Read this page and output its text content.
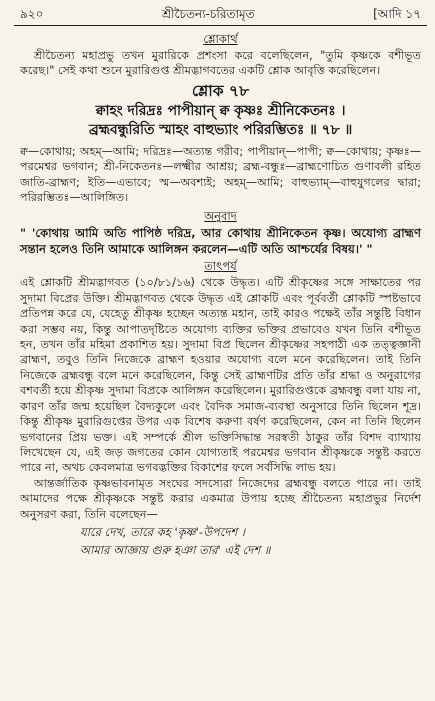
৯২০	শ্রীচৈতন্য-চরিতামৃত	[আদি ১৭
শ্লোকার্থ

শ্রীচৈতন্য মহাপ্রভু তখন মুরারিকে প্রশংসা করে বলেছিলেন, "তুমি কৃষ্ণকে বশীভূত করেছ।" সেই কথা শুনে মুরারিগুপ্ত শ্রীমদ্ভাগবতের একটি শ্লোক আবৃত্তি করেছিলেন।

শ্লোক ৭৮

ক্বাহং দরিদ্রঃ পাপীয়ান্ ক্ব কৃষ্ণঃ শ্রীনিকেতনঃ ।

ব্রহ্মবন্ধুরিতি স্মাহং বাহুভ্যাং পরিরম্ভিতঃ ॥ ৭৮ ॥

ক্ব—কোথায়; অহম্—আমি; দরিদ্রঃ—অত্যন্ত গরীব; পাপীয়ান্—পাপী; ক্ব—কোথায়; কৃষ্ণঃ—পরমেশ্বর ভগবান; শ্রী-নিকেতনঃ—লক্ষ্মীর আশ্রয়; ব্রহ্ম-বন্ধুঃ—ব্রাহ্মণোচিত গুণাবলী রহিত জাতি-ব্রাহ্মণ; ইতি—এভাবে; স্ম—অবশ্যই; অহম্—আমি; বাহুভ্যাম্—বাহুযুগলের দ্বারা; পরিরম্ভিতঃ—আলিঙ্গিত।

অনুবাদ

" 'কোথায় আমি অতি পাপিষ্ঠ দরিদ্র, আর কোথায় শ্রীনিকেতন কৃষ্ণ। অযোগ্য ব্রাহ্মণ সন্তান হলেও তিনি আমাকে আলিঙ্গন করলেন—এটি অতি আশ্চর্যের বিষয়।' "

তাৎপর্য

এই শ্লোকটি শ্রীমদ্ভাগবত (১০/৮১/১৬) থেকে উদ্ধৃত। এটি শ্রীকৃষ্ণের সঙ্গে সাক্ষাতের পর সুদামা বিপ্রের উক্তি। শ্রীমদ্ভাগবত থেকে উদ্ধৃত এই শ্লোকটি এবং পূর্ববর্তী শ্লোকটি স্পষ্টভাবে প্রতিপন্ন করে যে, যেহেতু শ্রীকৃষ্ণ হচ্ছেন অত্যন্ত মহান, তাই কারও পক্ষেই তাঁর সন্তুষ্টি বিধান করা সম্ভব নয়, কিন্তু আপাতদৃষ্টিতে অযোগ্য ব্যক্তির ভক্তির প্রভাবেও যখন তিনি বশীভূত হন, তখন তাঁর মহিমা প্রকাশিত হয়। সুদামা বিপ্র ছিলেন শ্রীকৃষ্ণের সহপাঠী এক তত্ত্বজ্ঞানী ব্রাহ্মণ, তবুও তিনি নিজেকে ব্রাহ্মণ হওয়ার অযোগ্য বলে মনে করেছিলেন। তাই তিনি নিজেকে ব্রহ্মবন্ধু বলে মনে করেছিলেন, কিন্তু সেই ব্রাহ্মণটির প্রতি তাঁর শ্রদ্ধা ও অনুরাগের বশবর্তী হয়ে শ্রীকৃষ্ণ সুদামা বিপ্রকে আলিঙ্গন করেছিলেন। মুরারিগুপ্তকে ব্রহ্মবন্ধু বলা যায় না, কারণ তাঁর জন্ম হয়েছিল বৈদ্যকুলে এবং বৈদিক সমাজ-ব্যবস্থা অনুসারে তিনি ছিলেন শূদ্র। কিন্তু শ্রীকৃষ্ণ মুরারিগুপ্তের উপর এক বিশেষ করুণা বর্ষণ করেছিলেন, কেন না তিনি ছিলেন ভগবানের প্রিয় ভক্ত। এই সম্পর্কে শ্রীল ভক্তিসিদ্ধান্ত সরস্বতী ঠাকুর তাঁর বিশদ ব্যাখ্যায় লিখেছেন যে, এই জড় জগতের কোন যোগ্যতাই পরমেশ্বর ভগবান শ্রীকৃষ্ণকে সন্তুষ্ট করতে পারে না, অথচ কেবলমাত্র ভগবদ্ভক্তির বিকাশের ফলে সর্বসিদ্ধি লাভ হয়।

আন্তর্জাতিক কৃষ্ণভাবনামৃত সংঘের সদস্যেরা নিজেদের ব্রহ্মবন্ধু বলতে পারে না। তাই আমাদের পক্ষে শ্রীকৃষ্ণকে সন্তুষ্ট করার একমাত্র উপায় হচ্ছে শ্রীচৈতন্য মহাপ্রভুর নির্দেশ অনুসরণ করা, তিনি বলেছেন—

যারে দেখ, তারে কহ 'কৃষ্ণ'-উপদেশ ।

আমার আজ্ঞায় গুরু হঞা তার' এই দেশ ॥
